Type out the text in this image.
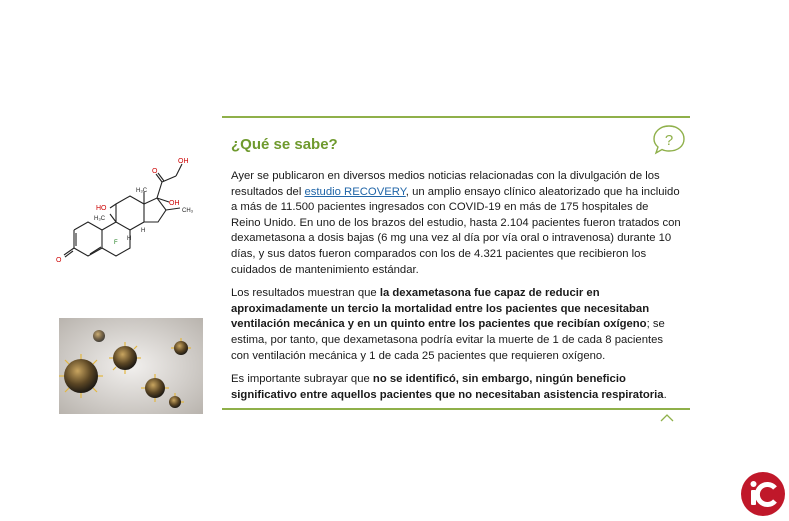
OH
O
OH
H₃C
H₃C
CH₃
HO
H
H
F
O
¿Qué se sabe?	?

Ayer se publicaron en diversos medios noticias relacionadas con la divulgación de los resultados del estudio RECOVERY, un amplio ensayo clínico aleatorizado que ha incluido a más de 11.500 pacientes ingresados con COVID-19 en más de 175 hospitales de Reino Unido. En uno de los brazos del estudio, hasta 2.104 pacientes fueron tratados con dexametasona a dosis bajas (6 mg una vez al día por vía oral o intravenosa) durante 10 días, y sus datos fueron comparados con los de 4.321 pacientes que recibieron los cuidados de mantenimiento estándar.

Los resultados muestran que la dexametasona fue capaz de reducir en aproximadamente un tercio la mortalidad entre los pacientes que necesitaban ventilación mecánica y en un quinto entre los pacientes que recibían oxígeno; se estima, por tanto, que dexametasona podría evitar la muerte de 1 de cada 8 pacientes con ventilación mecánica y 1 de cada 25 pacientes que requieren oxígeno.

Es importante subrayar que no se identificó, sin embargo, ningún beneficio significativo entre aquellos pacientes que no necesitaban asistencia respiratoria.
